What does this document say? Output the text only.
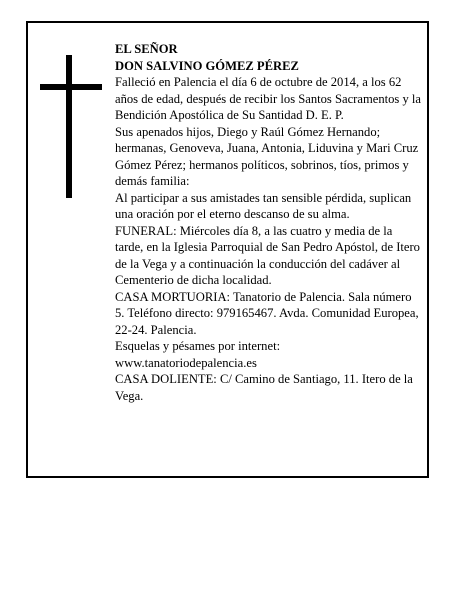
EL SEÑOR

DON SALVINO GÓMEZ PÉREZ

Falleció en Palencia el día 6 de octubre de 2014, a los 62 años de edad, después de recibir los Santos Sacramentos y la Bendición Apostólica de Su Santidad D. E. P.

Sus apenados hijos, Diego y Raúl Gómez Hernando; hermanas, Genoveva, Juana, Antonia, Liduvina y Mari Cruz Gómez Pérez; hermanos políticos, sobrinos, tíos, primos y demás familia:

Al participar a sus amistades tan sensible pérdida, suplican una oración por el eterno descanso de su alma.

FUNERAL: Miércoles día 8, a las cuatro y media de la tarde, en la Iglesia Parroquial de San Pedro Apóstol, de Itero de la Vega y a continuación la conducción del cadáver al Cementerio de dicha localidad.

CASA MORTUORIA: Tanatorio de Palencia. Sala número 5. Teléfono directo: 979165467. Avda. Comunidad Europea, 22-24. Palencia.

Esquelas y pésames por internet: www.tanatoriodepalencia.es

CASA DOLIENTE: C/ Camino de Santiago, 11. Itero de la Vega.
